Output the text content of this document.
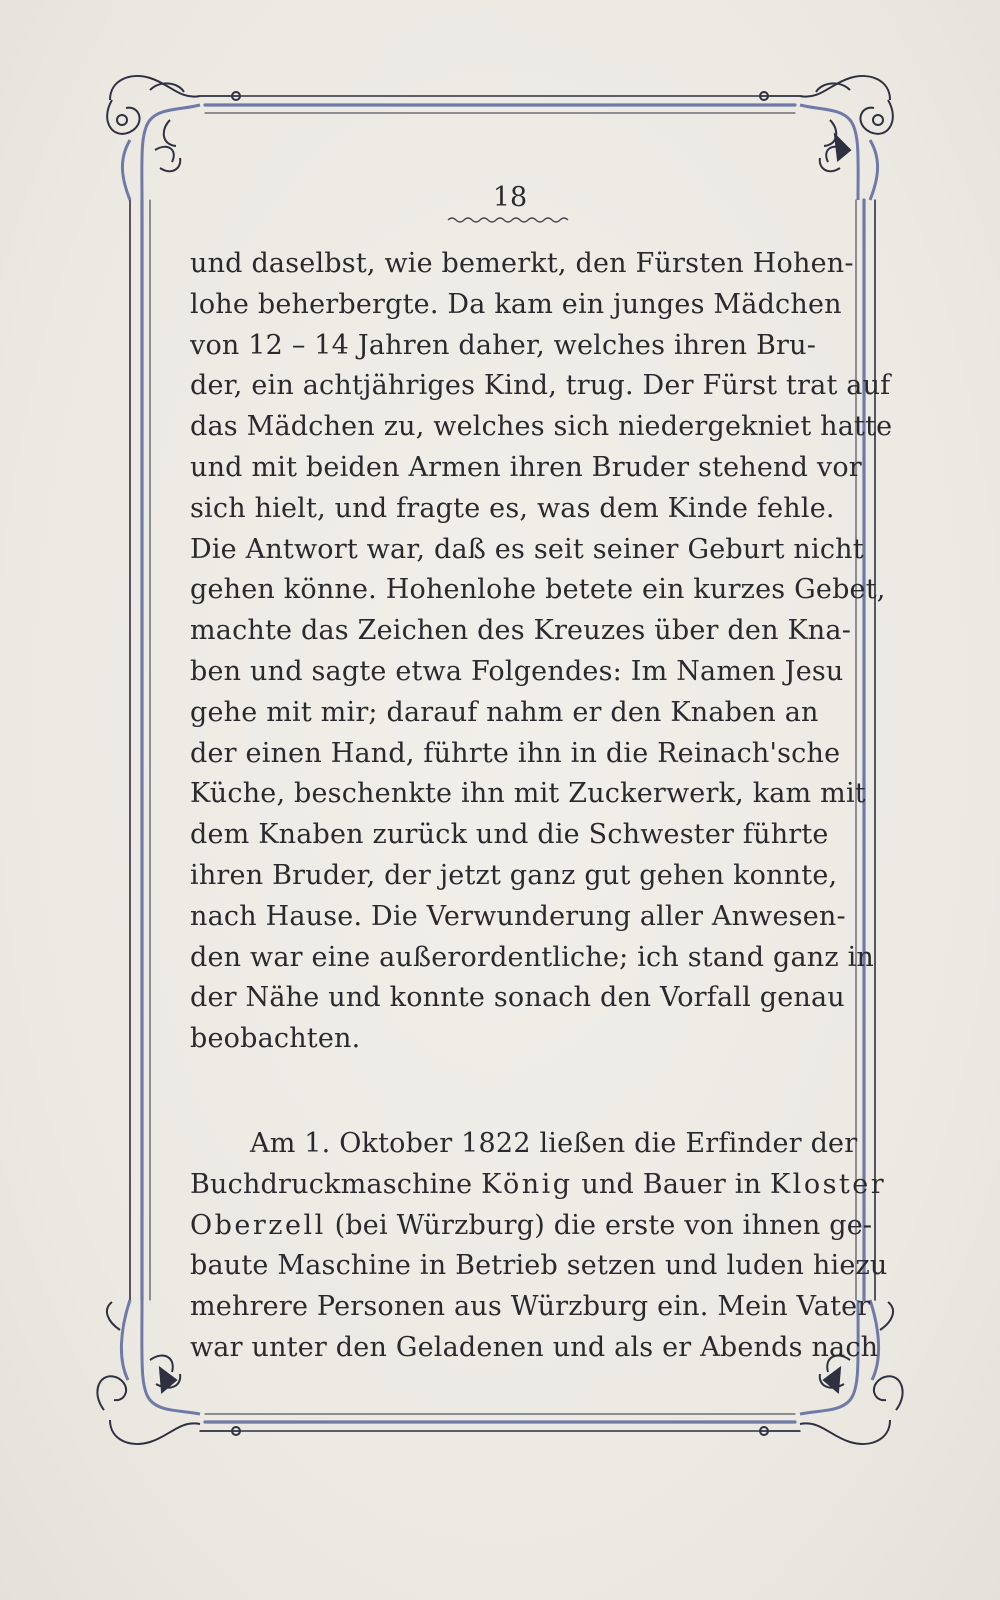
18
und daselbst, wie bemerkt, den Fürsten Hohen-
lohe beherbergte. Da kam ein junges Mädchen
von 12 – 14 Jahren daher, welches ihren Bru-
der, ein achtjähriges Kind, trug. Der Fürst trat auf
das Mädchen zu, welches sich niedergekniet hatte
und mit beiden Armen ihren Bruder stehend vor
sich hielt, und fragte es, was dem Kinde fehle.
Die Antwort war, daß es seit seiner Geburt nicht
gehen könne. Hohenlohe betete ein kurzes Gebet,
machte das Zeichen des Kreuzes über den Kna-
ben und sagte etwa Folgendes: Im Namen Jesu
gehe mit mir; darauf nahm er den Knaben an
der einen Hand, führte ihn in die Reinach'sche
Küche, beschenkte ihn mit Zuckerwerk, kam mit
dem Knaben zurück und die Schwester führte
ihren Bruder, der jetzt ganz gut gehen konnte,
nach Hause. Die Verwunderung aller Anwesen-
den war eine außerordentliche; ich stand ganz in
der Nähe und konnte sonach den Vorfall genau
beobachten.
Am 1. Oktober 1822 ließen die Erfinder der
Buchdruckmaschine König und Bauer in Kloster
Oberzell (bei Würzburg) die erste von ihnen ge-
baute Maschine in Betrieb setzen und luden hiezu
mehrere Personen aus Würzburg ein. Mein Vater
war unter den Geladenen und als er Abends nach
